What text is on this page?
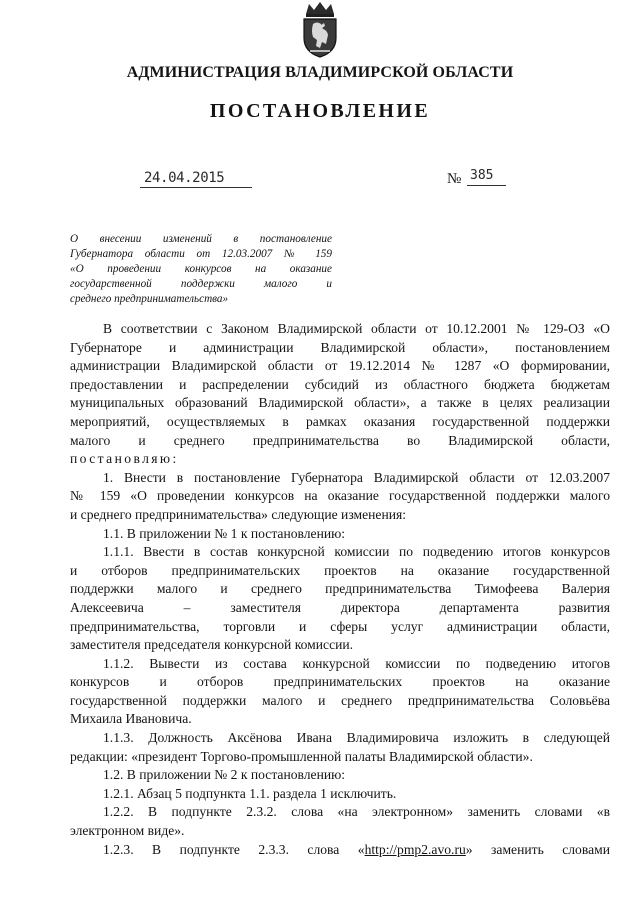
АДМИНИСТРАЦИЯ ВЛАДИМИРСКОЙ ОБЛАСТИ
ПОСТАНОВЛЕНИЕ
24.04.2015	№ 385
О внесении изменений в постановление
Губернатора области от 12.03.2007 № 159
«О проведении конкурсов на оказание
государственной поддержки малого и
среднего предпринимательства»
В соответствии с Законом Владимирской области от 10.12.2001 № 129-ОЗ «О
Губернаторе и администрации Владимирской области», постановлением
администрации Владимирской области от 19.12.2014 № 1287 «О формировании,
предоставлении и распределении субсидий из областного бюджета бюджетам
муниципальных образований Владимирской области», а также в целях реализации
мероприятий, осуществляемых в рамках оказания государственной поддержки
малого и среднего предпринимательства во Владимирской области,
постановляю:
1. Внести в постановление Губернатора Владимирской области от 12.03.2007
№ 159 «О проведении конкурсов на оказание государственной поддержки малого
и среднего предпринимательства» следующие изменения:
1.1. В приложении № 1 к постановлению:
1.1.1. Ввести в состав конкурсной комиссии по подведению итогов конкурсов
и отборов предпринимательских проектов на оказание государственной
поддержки малого и среднего предпринимательства Тимофеева Валерия
Алексеевича – заместителя директора департамента развития
предпринимательства, торговли и сферы услуг администрации области,
заместителя председателя конкурсной комиссии.
1.1.2. Вывести из состава конкурсной комиссии по подведению итогов
конкурсов и отборов предпринимательских проектов на оказание
государственной поддержки малого и среднего предпринимательства Соловьёва
Михаила Ивановича.
1.1.3. Должность Аксёнова Ивана Владимировича изложить в следующей
редакции: «президент Торгово-промышленной палаты Владимирской области».
1.2. В приложении № 2 к постановлению:
1.2.1. Абзац 5 подпункта 1.1. раздела 1 исключить.
1.2.2. В подпункте 2.3.2. слова «на электронном» заменить словами «в
электронном виде».
1.2.3. В подпункте 2.3.3. слова «http://pmp2.avo.ru» заменить словами
